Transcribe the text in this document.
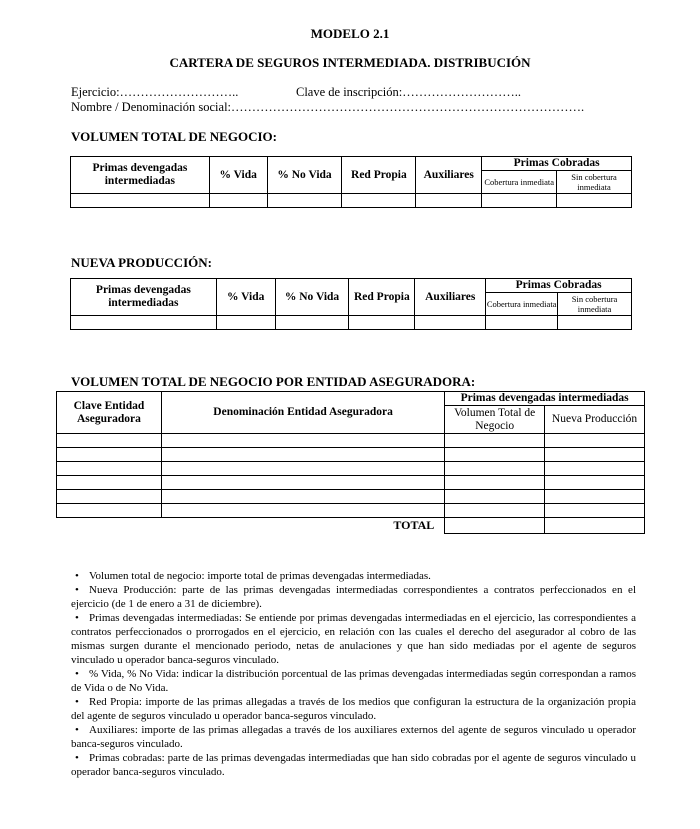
MODELO 2.1
CARTERA DE SEGUROS INTERMEDIADA. DISTRIBUCIÓN
Ejercicio:………………………..	Clave de inscripción:………………………..
Nombre / Denominación social:………………………………………………………………………….
VOLUMEN TOTAL DE NEGOCIO:
Primas devengadas intermediadas	% Vida	% No Vida	Red Propia	Auxiliares	Primas Cobradas	
					Cobertura inmediata	Sin cobertura inmediata

NUEVA PRODUCCIÓN:
Primas devengadas intermediadas	% Vida	% No Vida	Red Propia	Auxiliares	Primas Cobradas	
					Cobertura inmediata	Sin cobertura inmediata

VOLUMEN TOTAL DE NEGOCIO POR ENTIDAD ASEGURADORA:
Clave Entidad Aseguradora	Denominación Entidad Aseguradora	Primas devengadas intermediadas	
		Volumen Total de Negocio	Nueva Producción

TOTAL			
• Volumen total de negocio: importe total de primas devengadas intermediadas.
• Nueva Producción: parte de las primas devengadas intermediadas correspondientes a contratos perfeccionados en el ejercicio (de 1 de enero a 31 de diciembre).
• Primas devengadas intermediadas: Se entiende por primas devengadas intermediadas en el ejercicio, las correspondientes a contratos perfeccionados o prorrogados en el ejercicio, en relación con las cuales el derecho del asegurador al cobro de las mismas surgen durante el mencionado periodo, netas de anulaciones y que han sido mediadas por el agente de seguros vinculado u operador banca-seguros vinculado.
• % Vida, % No Vida: indicar la distribución porcentual de las primas devengadas intermediadas según correspondan a ramos de Vida o de No Vida.
• Red Propia: importe de las primas allegadas a través de los medios que configuran la estructura de la organización propia del agente de seguros vinculado u operador banca-seguros vinculado.
• Auxiliares: importe de las primas allegadas a través de los auxiliares externos del agente de seguros vinculado u operador banca-seguros vinculado.
• Primas cobradas: parte de las primas devengadas intermediadas que han sido cobradas por el agente de seguros vinculado u operador banca-seguros vinculado.
